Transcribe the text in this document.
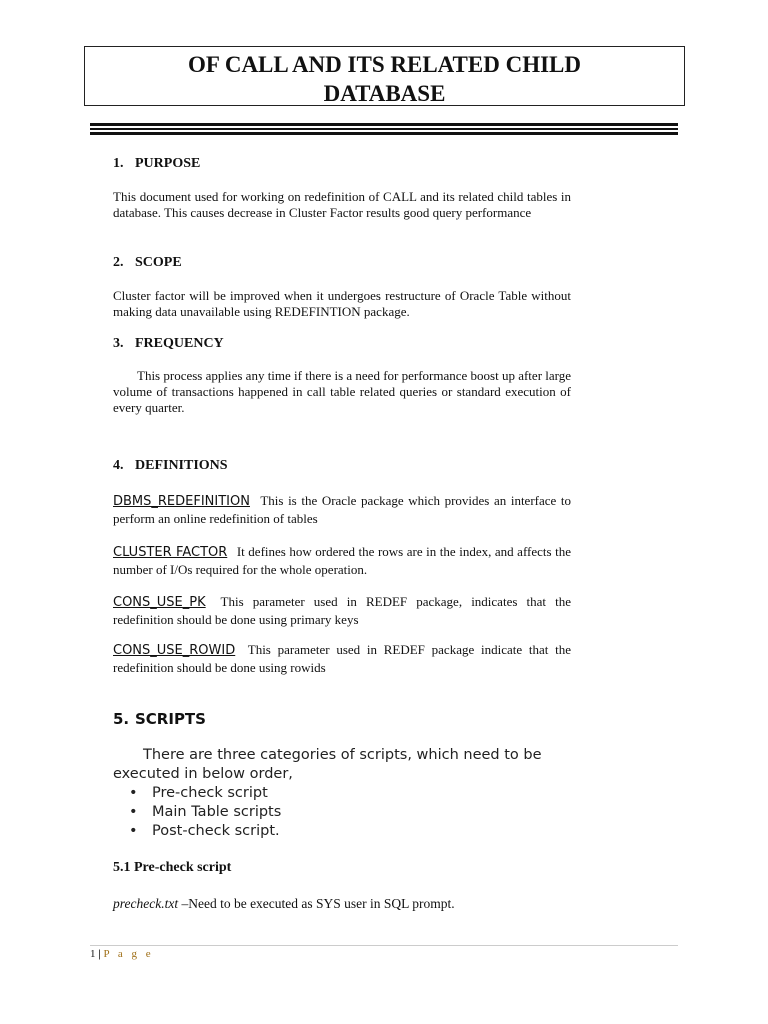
OF CALL AND ITS RELATED CHILD
DATABASE
1. PURPOSE

This document used for working on redefinition of CALL and its related child tables in database. This causes decrease in Cluster Factor results good query performance

2. SCOPE

Cluster factor will be improved when it undergoes restructure of Oracle Table without making data unavailable using REDEFINTION package.

3. FREQUENCY

This process applies any time if there is a need for performance boost up after large volume of transactions happened in call table related queries or standard execution of every quarter.

4. DEFINITIONS

DBMS_REDEFINITION This is the Oracle package which provides an interface to perform an online redefinition of tables

CLUSTER FACTOR It defines how ordered the rows are in the index, and affects the number of I/Os required for the whole operation.

CONS_USE_PK This parameter used in REDEF package, indicates that the redefinition should be done using primary keys

CONS_USE_ROWID This parameter used in REDEF package indicate that the redefinition should be done using rowids

5. SCRIPTS

There are three categories of scripts, which need to be executed in below order,

• Pre-check script
• Main Table scripts
• Post-check script.
5.1 Pre-check script

precheck.txt –Need to be executed as SYS user in SQL prompt.

1 | P a g e
